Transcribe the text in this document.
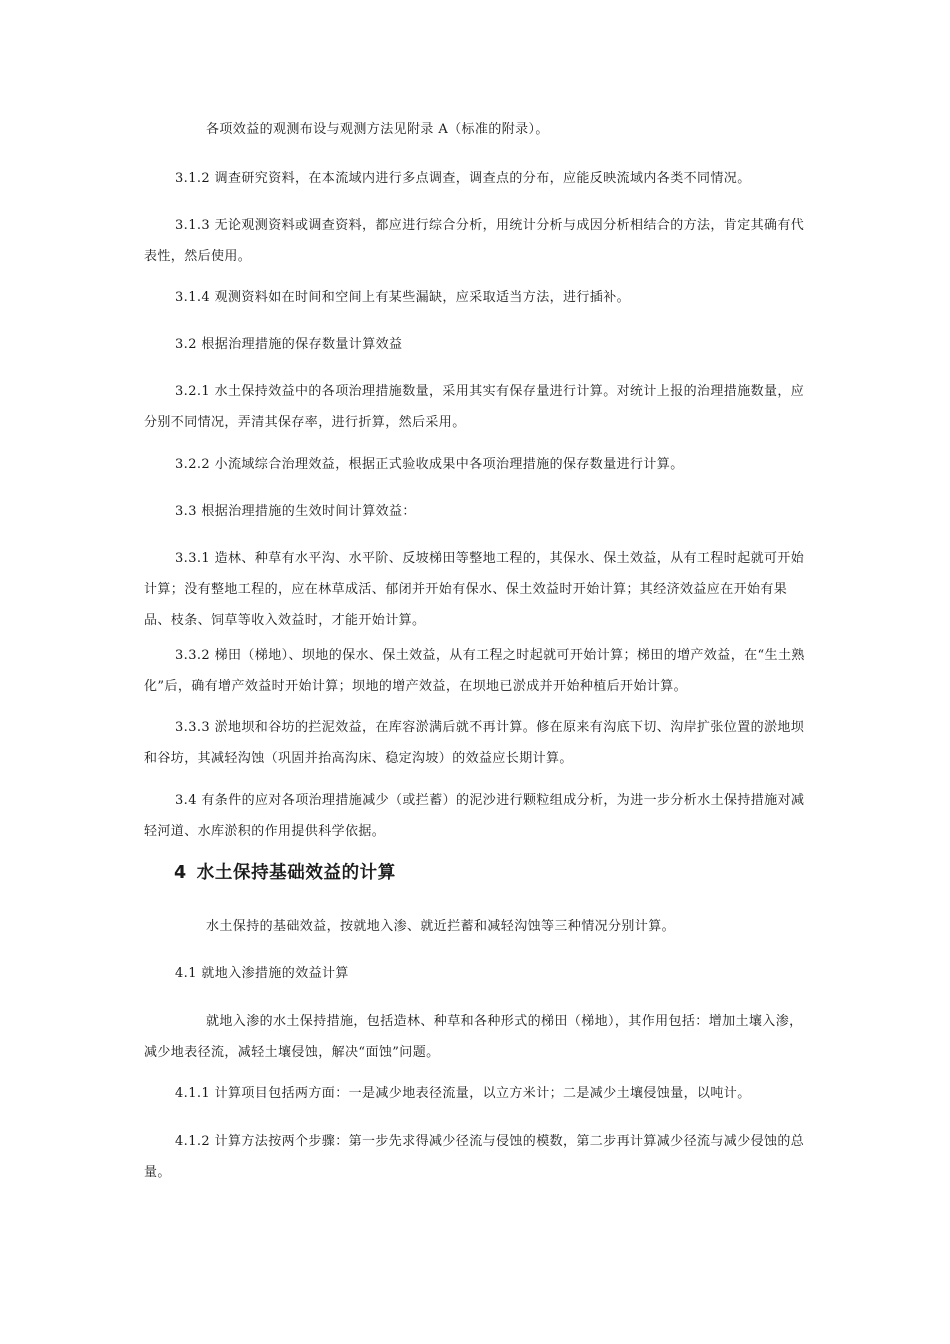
各项效益的观测布设与观测方法见附录 A（标准的附录）。

3.1.2 调查研究资料，在本流域内进行多点调查，调查点的分布，应能反映流域内各类不同情况。

3.1.3 无论观测资料或调查资料，都应进行综合分析，用统计分析与成因分析相结合的方法，肯定其确有代表性，然后使用。

3.1.4 观测资料如在时间和空间上有某些漏缺，应采取适当方法，进行插补。

3.2 根据治理措施的保存数量计算效益

3.2.1 水土保持效益中的各项治理措施数量，采用其实有保存量进行计算。对统计上报的治理措施数量，应分别不同情况，弄清其保存率，进行折算，然后采用。

3.2.2 小流域综合治理效益，根据正式验收成果中各项治理措施的保存数量进行计算。

3.3 根据治理措施的生效时间计算效益：

3.3.1 造林、种草有水平沟、水平阶、反坡梯田等整地工程的，其保水、保土效益，从有工程时起就可开始计算；没有整地工程的，应在林草成活、郁闭并开始有保水、保土效益时开始计算；其经济效益应在开始有果品、枝条、饲草等收入效益时，才能开始计算。

3.3.2 梯田（梯地）、坝地的保水、保土效益，从有工程之时起就可开始计算；梯田的增产效益，在“生土熟化”后，确有增产效益时开始计算；坝地的增产效益，在坝地已淤成并开始种植后开始计算。

3.3.3 淤地坝和谷坊的拦泥效益，在库容淤满后就不再计算。修在原来有沟底下切、沟岸扩张位置的淤地坝和谷坊，其减轻沟蚀（巩固并抬高沟床、稳定沟坡）的效益应长期计算。

3.4 有条件的应对各项治理措施减少（或拦蓄）的泥沙进行颗粒组成分析，为进一步分析水土保持措施对减轻河道、水库淤积的作用提供科学依据。

4 水土保持基础效益的计算

水土保持的基础效益，按就地入渗、就近拦蓄和减轻沟蚀等三种情况分别计算。

4.1 就地入渗措施的效益计算

就地入渗的水土保持措施，包括造林、种草和各种形式的梯田（梯地），其作用包括：增加土壤入渗，减少地表径流，减轻土壤侵蚀，解决“面蚀”问题。

4.1.1 计算项目包括两方面：一是减少地表径流量，以立方米计；二是减少土壤侵蚀量，以吨计。

4.1.2 计算方法按两个步骤：第一步先求得减少径流与侵蚀的模数，第二步再计算减少径流与减少侵蚀的总量。
